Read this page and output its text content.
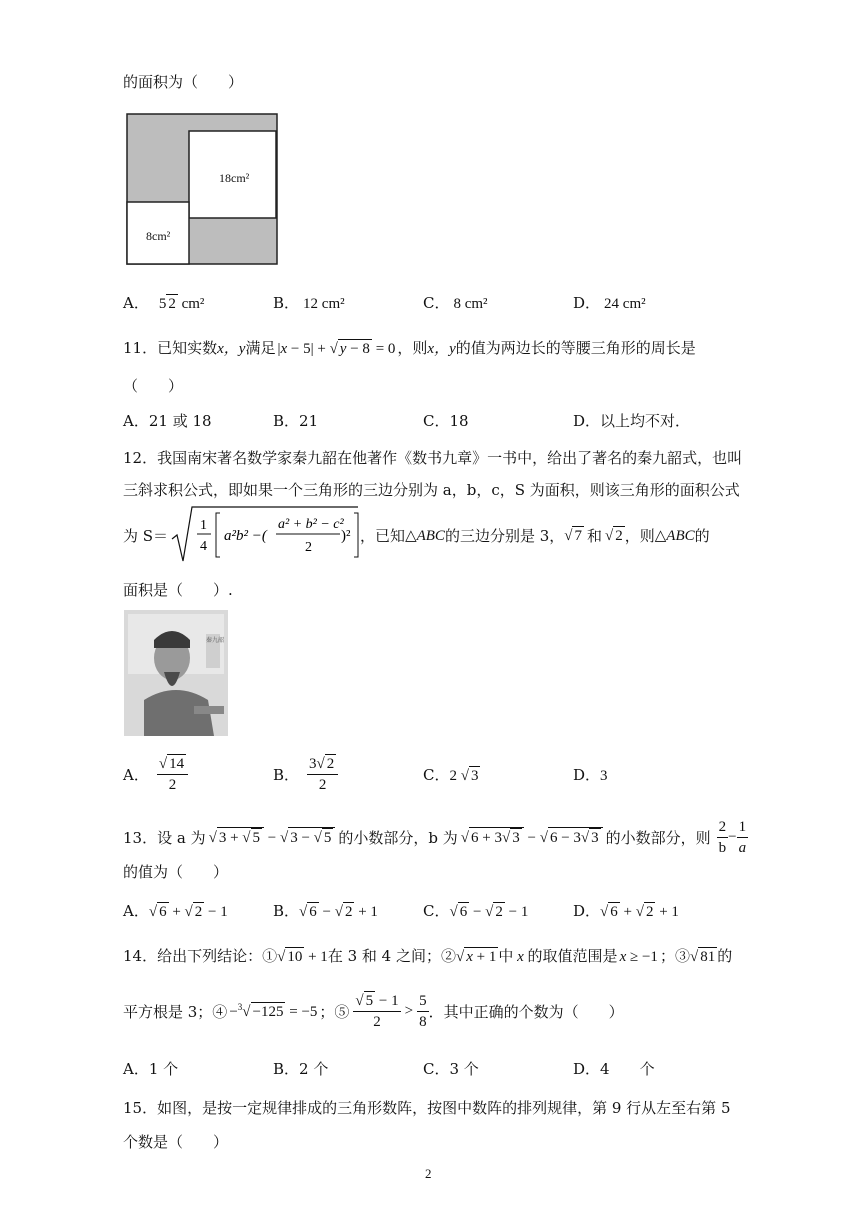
的面积为（　　）
18cm²
8cm²
A． 5 2 cm²	B． 12 cm²	C． 8 cm²	D． 24 cm²
11．已知实数x，y满足 |x − 5| + √ y − 8 = 0 ，则x，y的值为两边长的等腰三角形的周长是
（　　）
A．21 或 18	B．21	C．18	D．以上均不对．
12．我国南宋著名数学家秦九韶在他著作《数书九章》一书中，给出了著名的秦九韶式，也叫
三斜求积公式，即如果一个三角形的三边分别为 a，b，c，S 为面积，则该三角形的面积公式
为 S＝
1
4
a²b² −(
a² + b² − c²
2
)² ，已知 △ABC 的三边分别是 3， √ 7 和 √ 2 ，则 △ABC 的
面积是（　　）.
秦九韶
A． $\frac{√ 14}{2}$	B． $\frac{3√ 2}{2}$	C．2 √ 3	D．3
13． 设 a 为 √ 3 + √ 5 − √ 3 − √ 5 的小数部分，b 为 √ 6 + 3√ 3 − √ 6 − 3√ 3 的小数部分，则 $\frac{2}{b} - \frac{1}{a}$
的值为（　　）
A．√ 6 + √ 2 − 1	B．√ 6 − √ 2 + 1	C．√ 6 − √ 2 − 1	D．√ 6 + √ 2 + 1
14．给出下列结论：①√ 10 + 1在 3 和 4 之间；②√ x + 1 中 x 的取值范围是 x ≥ −1 ；③√ 81 的
平方根是 3；④ −$^3$√ −125 = −5 ；⑤ $\frac{√ 5 - 1}{2} > \frac{5}{8}$ ．其中正确的个数为（　　）
A．1 个	B．2 个	C．3 个	D．4　　个
15．如图，是按一定规律排成的三角形数阵，按图中数阵的排列规律，第 9 行从左至右第 5
个数是（　　）
2
